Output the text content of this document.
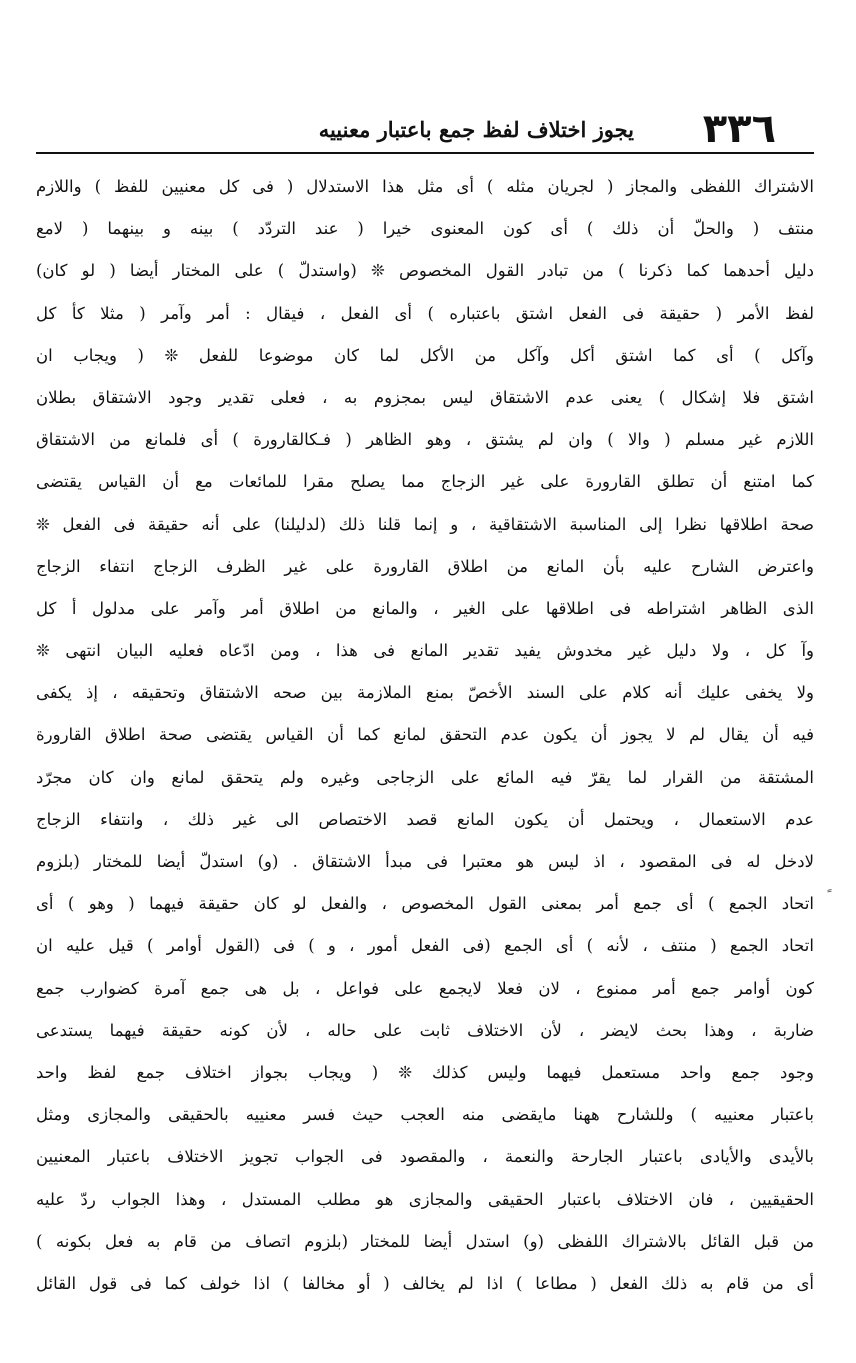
٣٣٦
يجوز اختلاف لفظ جمع باعتبار معنييه
الاشتراك اللفظى والمجاز ( لجريان مثله ) أى مثل هذا الاستدلال ( فى كل معنيين للفظ ) واللازم
منتف ( والحلّ أن ذلك ) أى كون المعنوى خيرا ( عند التردّد ) بينه و بينهما ( لامع
دليل أحدهما كما ذكرنا ) من تبادر القول المخصوص ❊ (واستدلّ ) على المختار أيضا ( لو كان)
لفظ الأمر ( حقيقة فى الفعل اشتق باعتباره ) أى الفعل ، فيقال : أمر وآمر ( مثلا كأ كل
وآكل ) أى كما اشتق أكل وآكل من الأكل لما كان موضوعا للفعل ❊ ( ويجاب ان
اشتق فلا إشكال ) يعنى عدم الاشتقاق ليس بمجزوم به ، فعلى تقدير وجود الاشتقاق بطلان
اللازم غير مسلم ( والا ) وان لم يشتق ، وهو الظاهر ( فـكالقارورة ) أى فلمانع من الاشتقاق
كما امتنع أن تطلق القارورة على غير الزجاج مما يصلح مقرا للمائعات مع أن القياس يقتضى
صحة اطلاقها نظرا إلى المناسبة الاشتقاقية ، و إنما قلنا ذلك (لدليلنا) على أنه حقيقة فى الفعل ❊
واعترض الشارح عليه بأن المانع من اطلاق القارورة على غير الظرف الزجاج انتفاء الزجاج
الذى الظاهر اشتراطه فى اطلاقها على الغير ، والمانع من اطلاق أمر وآمر على مدلول أ كل
وآ كل ، ولا دليل غير مخدوش يفيد تقدير المانع فى هذا ، ومن ادّعاه فعليه البيان انتهى ❊
ولا يخفى عليك أنه كلام على السند الأخصّ بمنع الملازمة بين صحه الاشتقاق وتحقيقه ، إذ يكفى
فيه أن يقال لم لا يجوز أن يكون عدم التحقق لمانع كما أن القياس يقتضى صحة اطلاق القارورة
المشتقة من القرار لما يقرّ فيه المائع على الزجاجى وغيره ولم يتحقق لمانع وان كان مجرّد
عدم الاستعمال ، ويحتمل أن يكون المانع قصد الاختصاص الى غير ذلك ، وانتفاء الزجاج
لادخل له فى المقصود ، اذ ليس هو معتبرا فى مبدأ الاشتقاق . (و) استدلّ أيضا للمختار (بلزوم
اتحاد الجمع ) أى جمع أمر بمعنى القول المخصوص ، والفعل لو كان حقيقة فيهما ( وهو ) أى
اتحاد الجمع ( منتف ، لأنه ) أى الجمع (فى الفعل أمور ، و ) فى (القول أوامر ) قيل عليه ان
كون أوامر جمع أمر ممنوع ، لان فعلا لايجمع على فواعل ، بل هى جمع آمرة كضوارب جمع
ضاربة ، وهذا بحث لايضر ، لأن الاختلاف ثابت على حاله ، لأن كونه حقيقة فيهما يستدعى
وجود جمع واحد مستعمل فيهما وليس كذلك ❊ ( ويجاب بجواز اختلاف جمع لفظ واحد
باعتبار معنييه ) وللشارح ههنا مايقضى منه العجب حيث فسر معنييه بالحقيقى والمجازى ومثل
بالأيدى والأيادى باعتبار الجارحة والنعمة ، والمقصود فى الجواب تجويز الاختلاف باعتبار المعنيين
الحقيقيين ، فان الاختلاف باعتبار الحقيقى والمجازى هو مطلب المستدل ، وهذا الجواب ردّ عليه
من قبل القائل بالاشتراك اللفظى (و) استدل أيضا للمختار (بلزوم اتصاف من قام به فعل بكونه )
أى من قام به ذلك الفعل ( مطاعا ) اذا لم يخالف ( أو مخالفا ) اذا خولف كما فى قول القائل
